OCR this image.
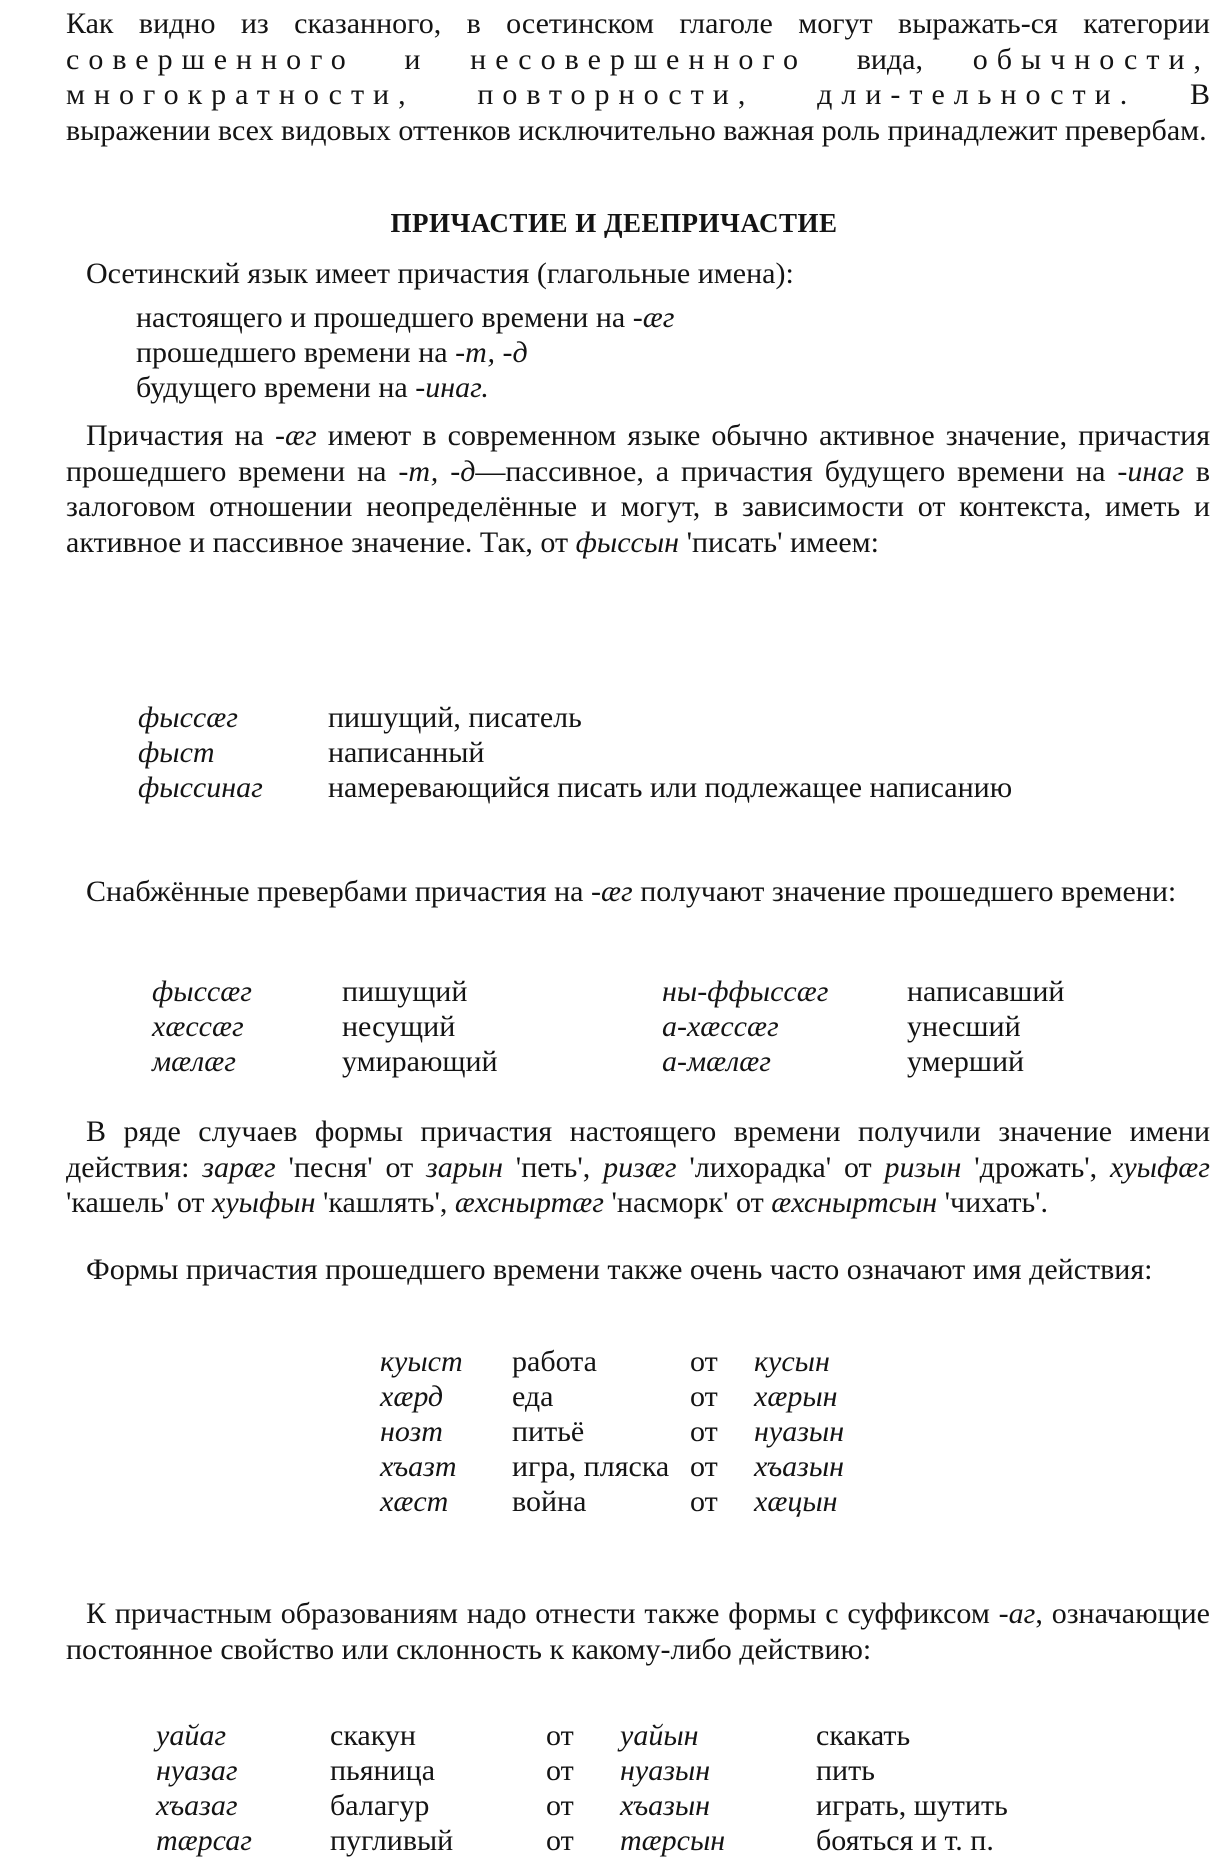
Как видно из сказанного, в осетинском глаголе могут выражать-ся категории совершенного и несовершенного вида, обычности, многократности, повторности, дли-тельности. В выражении всех видовых оттенков исключительно важная роль принадлежит превербам.
ПРИЧАСТИЕ И ДЕЕПРИЧАСТИЕ
Осетинский язык имеет причастия (глагольные имена):
настоящего и прошедшего времени на -æг
прошедшего времени на -т, -д
будущего времени на -инаг.
Причастия на -æг имеют в современном языке обычно активное значение, причастия прошедшего времени на -т, -д—пассивное, а причастия будущего времени на -инаг в залоговом отношении неопределённые и могут, в зависимости от контекста, иметь и активное и пассивное значение. Так, от фыссын 'писать' имеем:
фыссæг	пишущий, писатель
фыст	написанный
фыссинаг	намеревающийся писать или подлежащее написанию
Снабжённые превербами причастия на -æг получают значение прошедшего времени:
фыссæг	пишущий	ны-ффыссæг	написавший
хæссæг	несущий	а-хæссæг	унесший
мæлæг	умирающий	а-мæлæг	умерший
В ряде случаев формы причастия настоящего времени получили значение имени действия: зарæг 'песня' от зарын 'петь', ризæг 'лихорадка' от ризын 'дрожать', хуыфæг 'кашель' от хуыфын 'кашлять', æхсныртæг 'насморк' от æхсныртсын 'чихать'.
Формы причастия прошедшего времени также очень часто означают имя действия:
куыст	работа	от	кусын
хæрд	еда	от	хæрын
нозт	питьё	от	нуазын
хъазт	игра, пляска	от	хъазын
хæст	война	от	хæцын
К причастным образованиям надо отнести также формы с суффиксом -аг, означающие постоянное свойство или склонность к какому-либо действию:
уайаг	скакун	от	уайын	скакать
нуазаг	пьяница	от	нуазын	пить
хъазаг	балагур	от	хъазын	играть, шутить
тæрсаг	пугливый	от	тæрсын	бояться и т. п.
